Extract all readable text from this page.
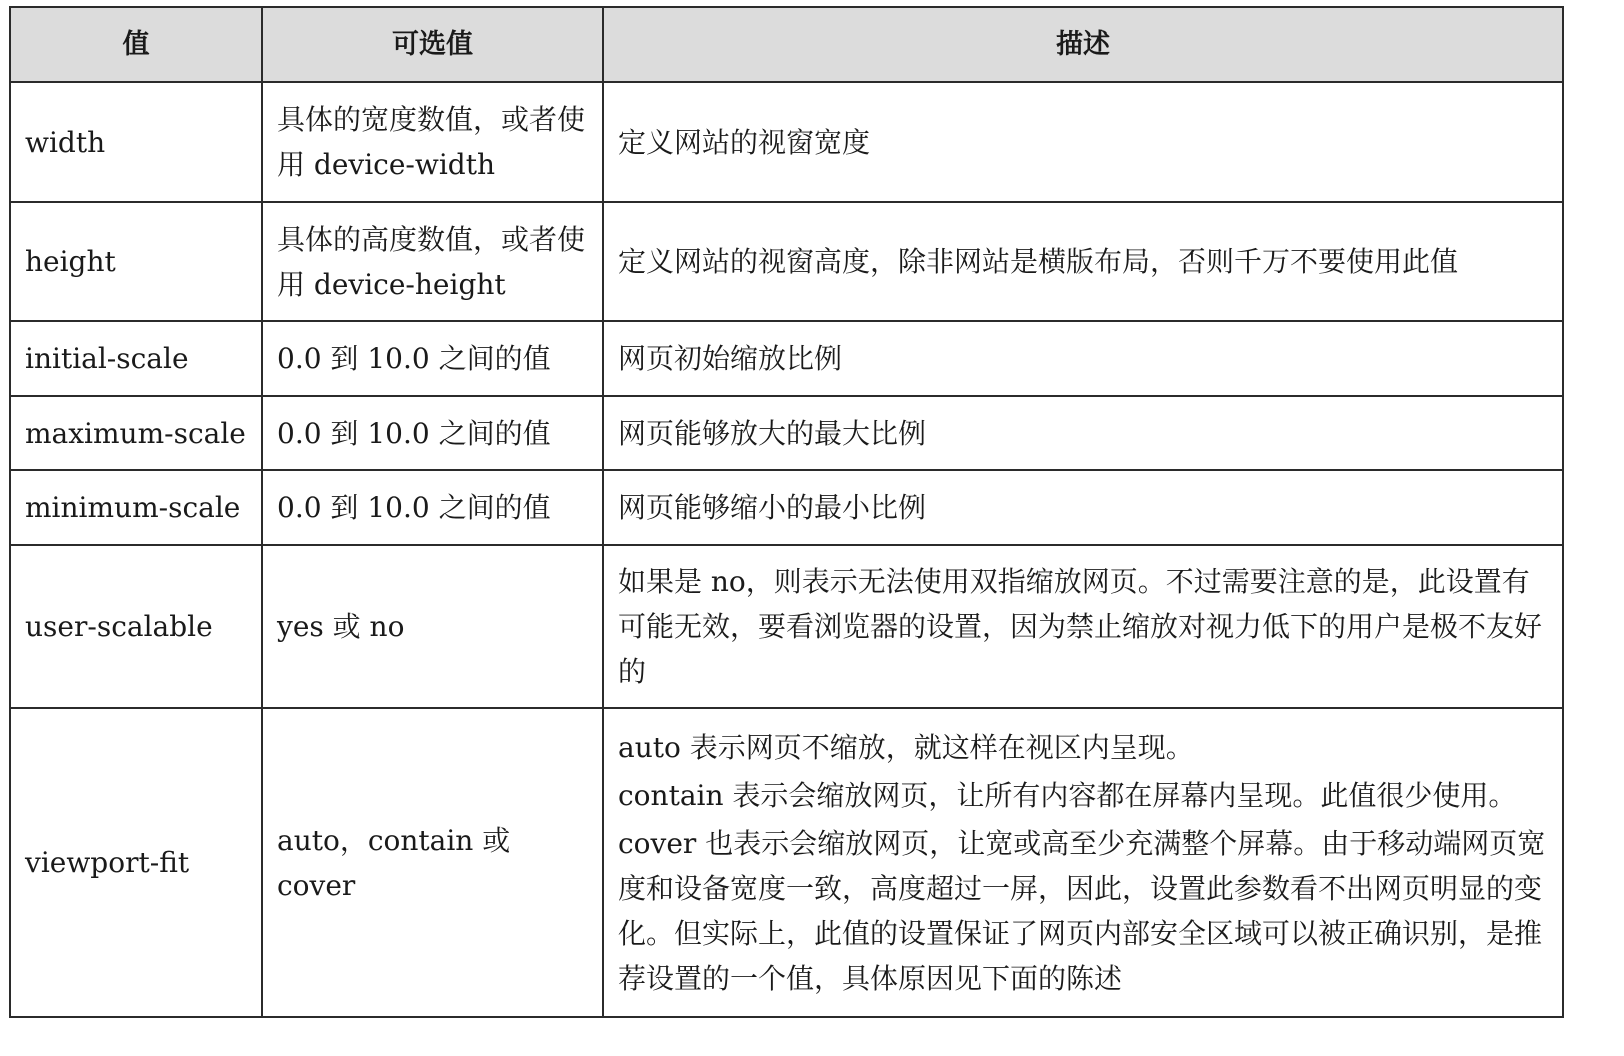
值	可选值	描述
width	具体的宽度数值，或者使用 device-width	定义网站的视窗宽度
height	具体的高度数值，或者使用 device-height	定义网站的视窗高度，除非网站是横版布局，否则千万不要使用此值
initial-scale	0.0 到 10.0 之间的值	网页初始缩放比例
maximum-scale	0.0 到 10.0 之间的值	网页能够放大的最大比例
minimum-scale	0.0 到 10.0 之间的值	网页能够缩小的最小比例
user-scalable	yes 或 no	如果是 no，则表示无法使用双指缩放网页。不过需要注意的是，此设置有可能无效，要看浏览器的设置，因为禁止缩放对视力低下的用户是极不友好的
viewport-fit	auto，contain 或 cover	auto 表示网页不缩放，就这样在视区内呈现。

contain 表示会缩放网页，让所有内容都在屏幕内呈现。此值很少使用。

cover 也表示会缩放网页，让宽或高至少充满整个屏幕。由于移动端网页宽度和设备宽度一致，高度超过一屏，因此，设置此参数看不出网页明显的变化。但实际上，此值的设置保证了网页内部安全区域可以被正确识别，是推荐设置的一个值，具体原因见下面的陈述
